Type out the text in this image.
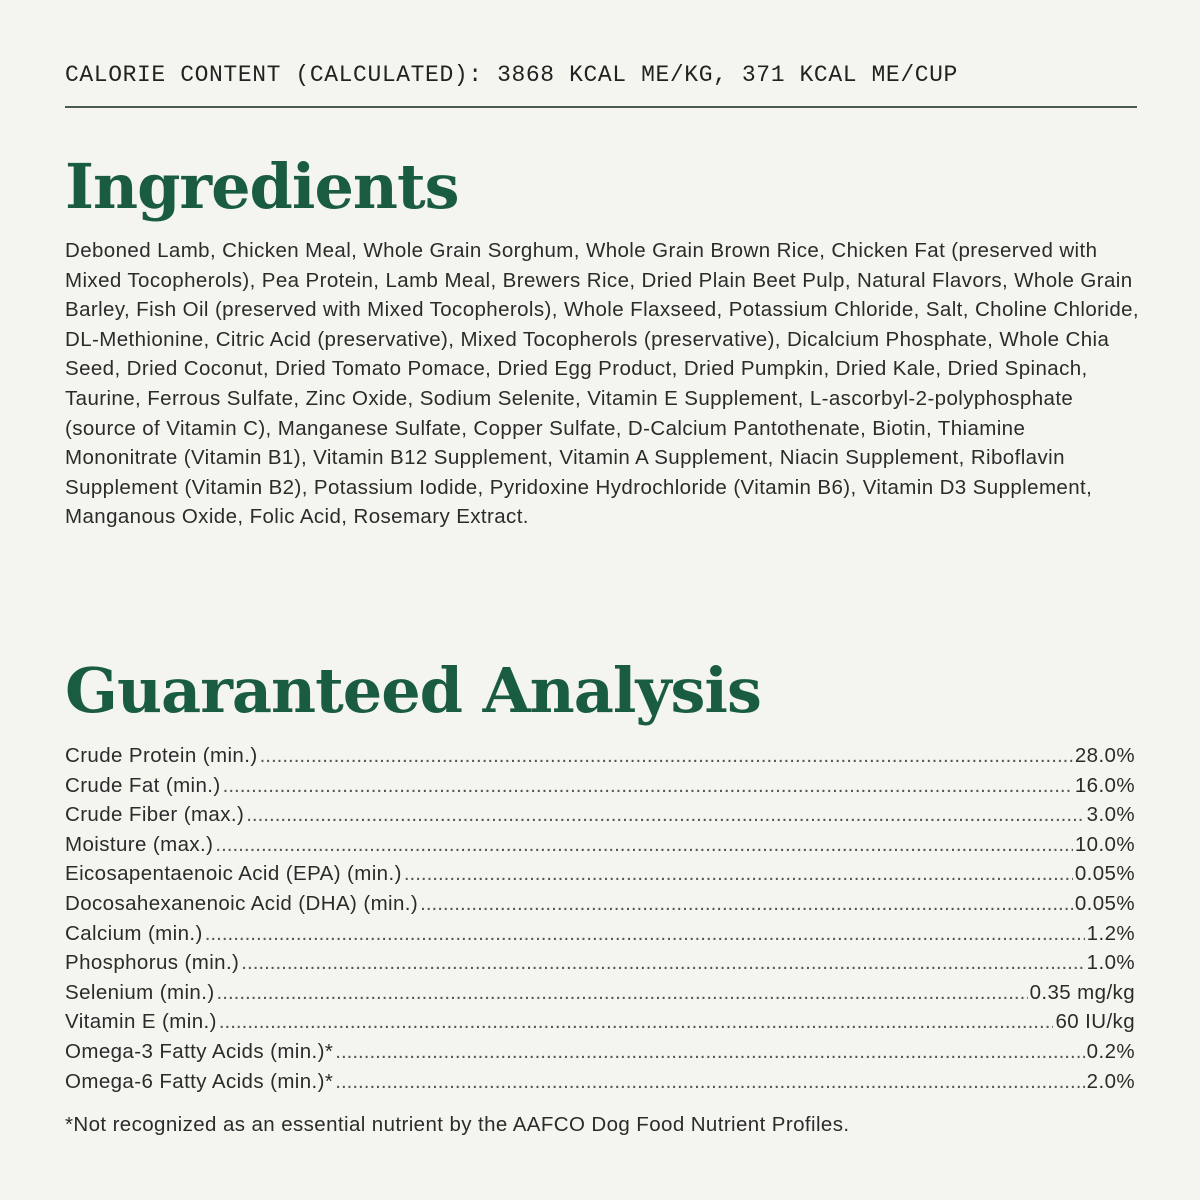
CALORIE CONTENT (CALCULATED): 3868 KCAL ME/KG, 371 KCAL ME/CUP
Ingredients

Deboned Lamb, Chicken Meal, Whole Grain Sorghum, Whole Grain Brown Rice, Chicken Fat (preserved with Mixed Tocopherols), Pea Protein, Lamb Meal, Brewers Rice, Dried Plain Beet Pulp, Natural Flavors, Whole Grain Barley, Fish Oil (preserved with Mixed Tocopherols), Whole Flaxseed, Potassium Chloride, Salt, Choline Chloride, DL-Methionine, Citric Acid (preservative), Mixed Tocopherols (preservative), Dicalcium Phosphate, Whole Chia Seed, Dried Coconut, Dried Tomato Pomace, Dried Egg Product, Dried Pumpkin, Dried Kale, Dried Spinach, Taurine, Ferrous Sulfate, Zinc Oxide, Sodium Selenite, Vitamin E Supplement, L-ascorbyl-2-polyphosphate (source of Vitamin C), Manganese Sulfate, Copper Sulfate, D-Calcium Pantothenate, Biotin, Thiamine Mononitrate (Vitamin B1), Vitamin B12 Supplement, Vitamin A Supplement, Niacin Supplement, Riboflavin Supplement (Vitamin B2), Potassium Iodide, Pyridoxine Hydrochloride (Vitamin B6), Vitamin D3 Supplement, Manganous Oxide, Folic Acid, Rosemary Extract.

Guaranteed Analysis
Crude Protein (min.) .....	28.0%
Crude Fat (min.) .....	16.0%
Crude Fiber (max.) .....	3.0%
Moisture (max.) .....	10.0%
Eicosapentaenoic Acid (EPA) (min.) .....	0.05%
Docosahexanenoic Acid (DHA) (min.) .....	0.05%
Calcium (min.) .....	1.2%
Phosphorus (min.) .....	1.0%
Selenium (min.) .....	0.35 mg/kg
Vitamin E (min.) .....	60 IU/kg
Omega-3 Fatty Acids (min.)* .....	0.2%
Omega-6 Fatty Acids (min.)* .....	2.0%
*Not recognized as an essential nutrient by the AAFCO Dog Food Nutrient Profiles.
